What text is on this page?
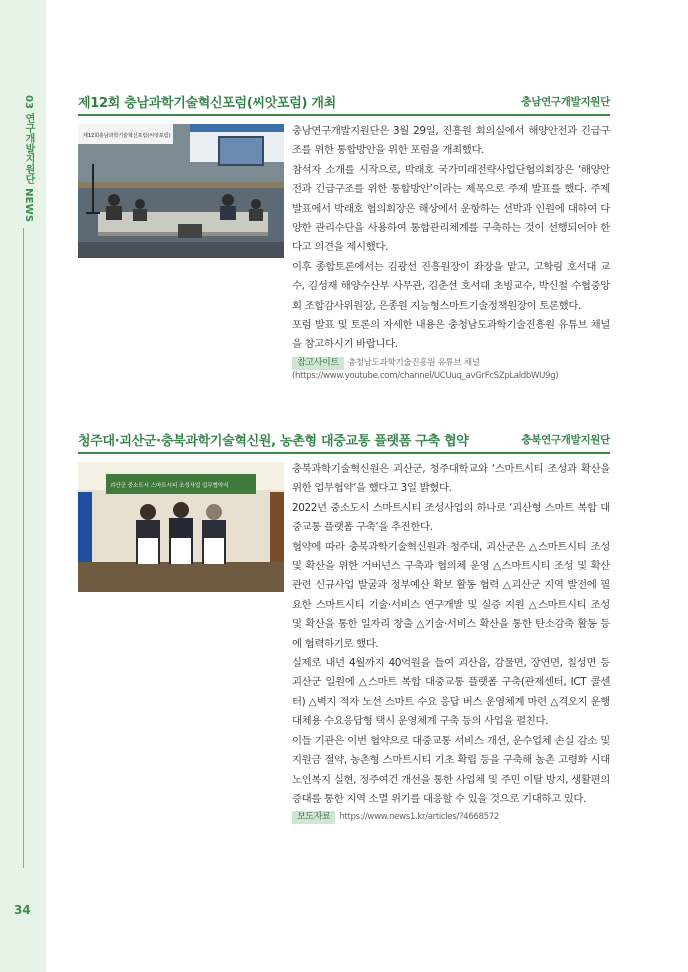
03 연구개발지원단 NEWS
34
제12회 충남과학기술혁신포럼(씨앗포럼) 개최	충남연구개발지원단
제12회충남과학기술혁신포럼(씨앗포럼)	충남연구개발지원단은 3월 29일, 진흥원 회의실에서 해양안전과 긴급구조를 위한 통합방안을 위한 포럼을 개최했다.

참석자 소개를 시작으로, 박래호 국가미래전략사업단협의회장은 ‘해양안전과 긴급구조를 위한 통합방안’이라는 제목으로 주제 발표를 했다. 주제발표에서 박래호 협의회장은 해상에서 운항하는 선박과 인원에 대하여 다양한 관리수단을 사용하여 통합관리체계를 구축하는 것이 선행되어야 한다고 의견을 제시했다.

이후 종합토론에서는 김광선 진흥원장이 좌장을 맡고, 고학림 호서대 교수, 김성재 해양수산부 사무관, 김춘선 호서대 초빙교수, 박신철 수협중앙회 조합감사위원장, 은종원 지능형스마트기술정책원장이 토론했다.

포럼 발표 및 토론의 자세한 내용은 충청남도과학기술진흥원 유튜브 채널을 참고하시기 바랍니다.

참고사이트 충청남도과학기술진흥원 유튜브 채널
(https://www.youtube.com/channel/UCUuq_avGrFcSZpLaldbWU9g)
청주대·괴산군·충북과학기술혁신원, 농촌형 대중교통 플랫폼 구축 협약	충북연구개발지원단
괴산군 중소도시 스마트시티 조성사업 업무협약식

충북과학기술혁신원은 괴산군, 청주대학교와 ‘스마트시티 조성과 확산을 위한 업무협약’을 했다고 3일 밝혔다.

2022년 중소도시 스마트시티 조성사업의 하나로 ‘괴산형 스마트 복합 대중교통 플랫폼 구축’을 추진한다.

협약에 따라 충북과학기술혁신원과 청주대, 괴산군은 △스마트시티 조성 및 확산을 위한 거버넌스 구축과 협의체 운영 △스마트시티 조성 및 확산 관련 신규사업 발굴과 정부예산 확보 활동 협력 △괴산군 지역 발전에 필요한 스마트시티 기술·서비스 연구개발 및 실증 지원 △스마트시티 조성 및 확산을 통한 일자리 창출 △기술·서비스 확산을 통한 탄소감축 활동 등에 협력하기로 했다.

실제로 내년 4월까지 40억원을 들여 괴산읍, 감물면, 장연면, 칠성면 등 괴산군 일원에 △스마트 복합 대중교통 플랫폼 구축(관제센터, ICT 콜센터) △벽지 적자 노선 스마트 수요 응답 버스 운영체계 마련 △격오지 운행 대체용 수요응답형 택시 운영체계 구축 등의 사업을 펼친다.

이들 기관은 이번 협약으로 대중교통 서비스 개선, 운수업체 손실 감소 및 지원금 절약, 농촌형 스마트시티 기초 확립 등을 구축해 농촌 고령화 시대 노인복지 실현, 정주여건 개선을 통한 사업체 및 주민 이탈 방지, 생활편의 증대를 통한 지역 소멸 위기를 대응할 수 있을 것으로 기대하고 있다.

보도자료 https://www.news1.kr/articles/?4668572
